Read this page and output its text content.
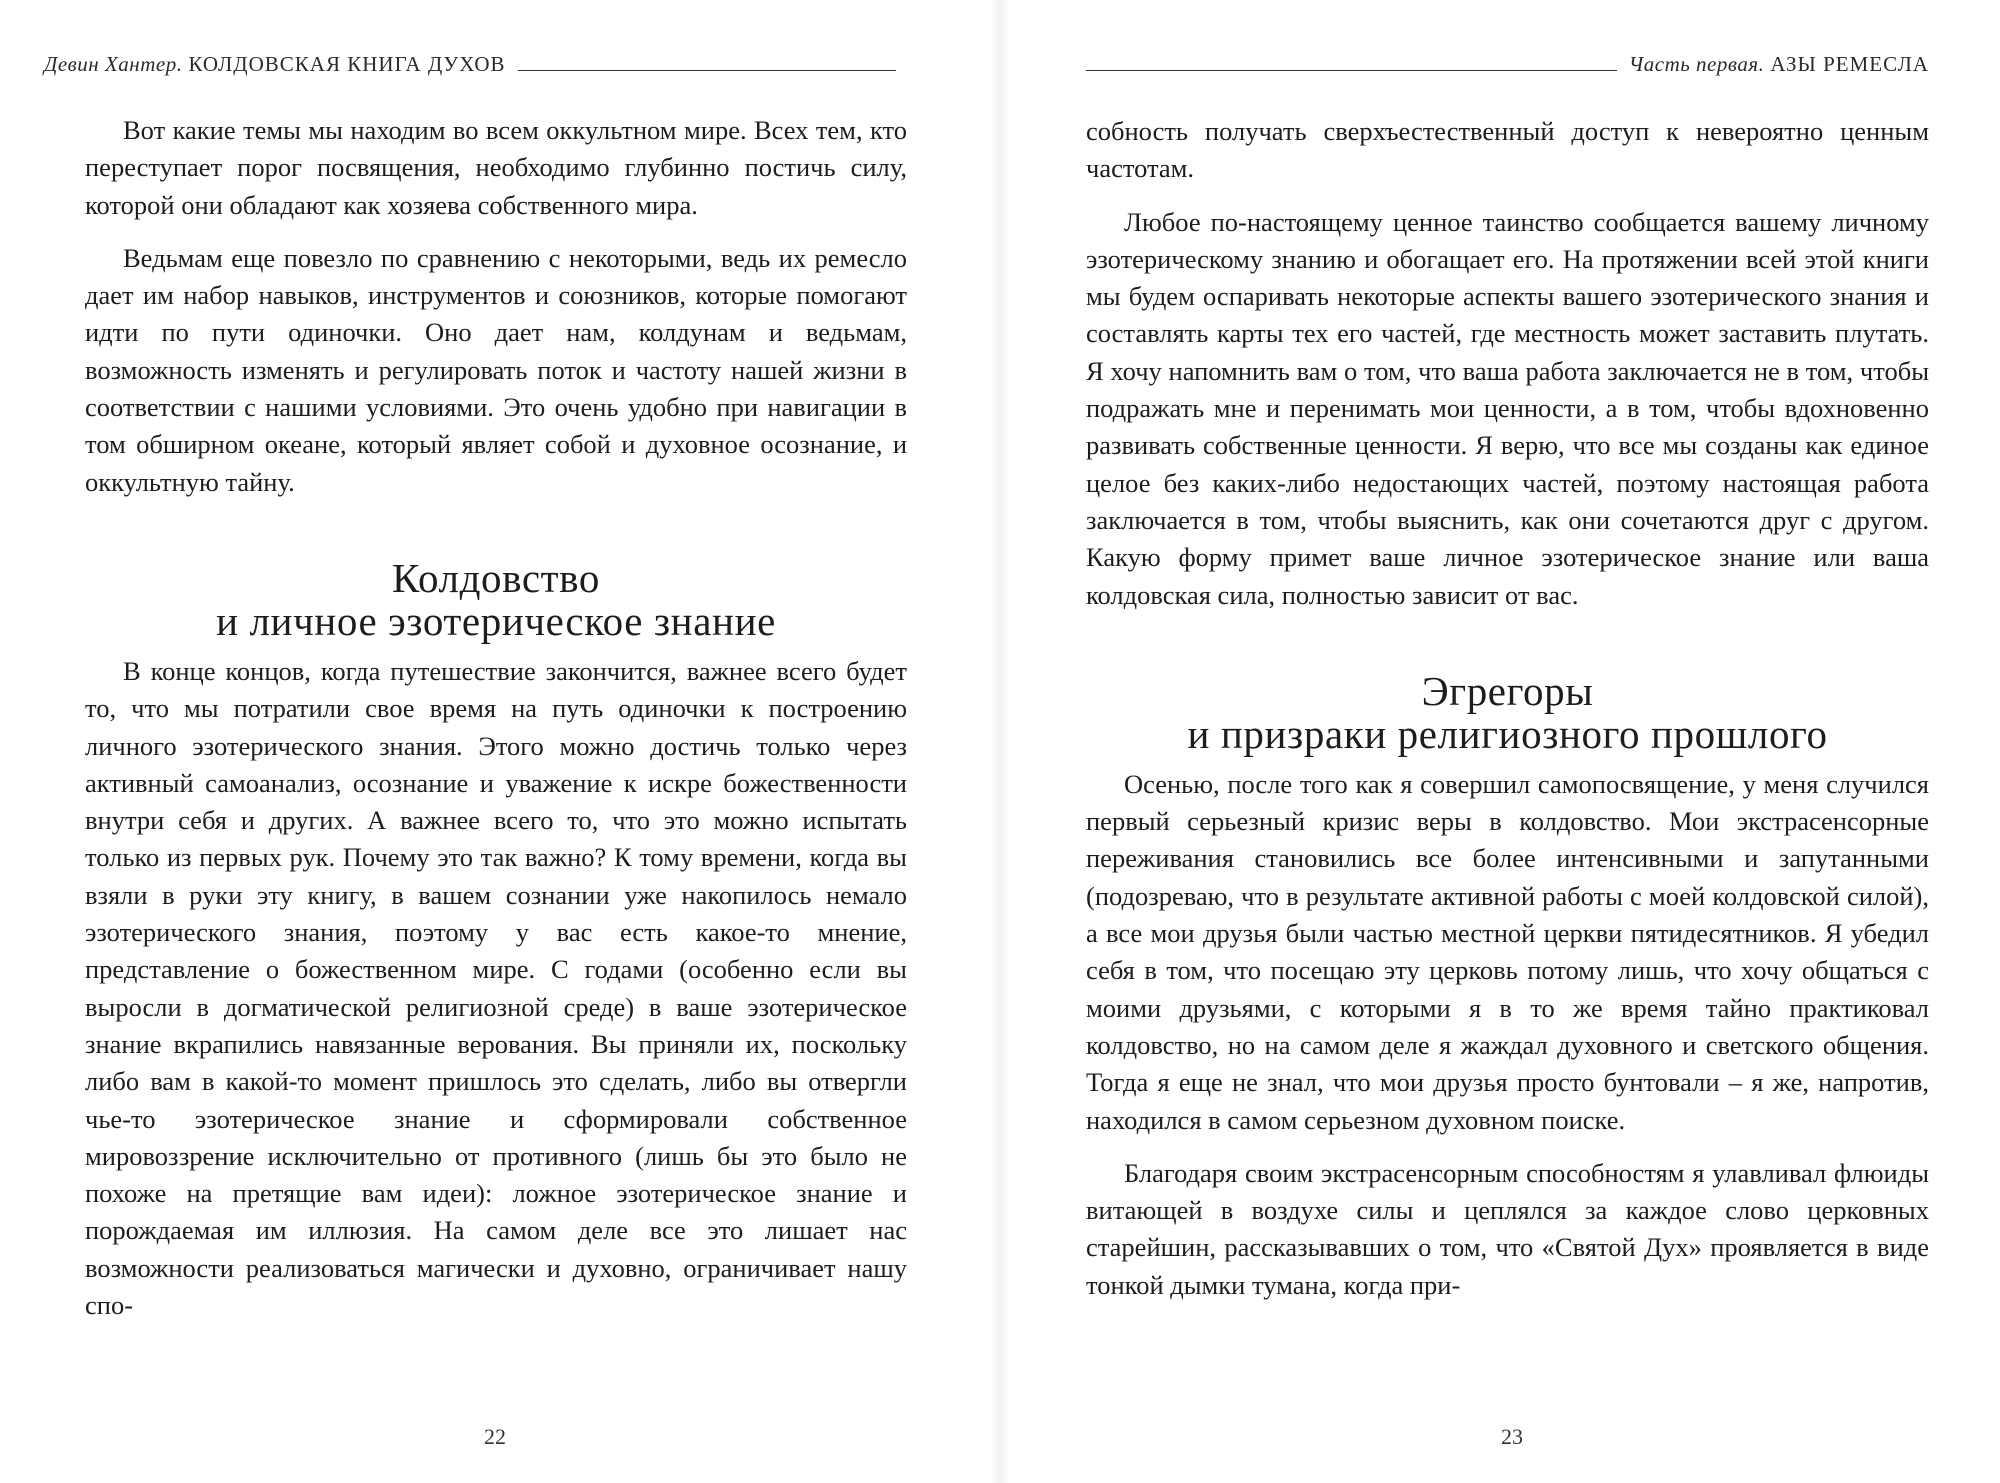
Девин Хантер. КОЛДОВСКАЯ КНИГА ДУХОВ

Вот какие темы мы находим во всем оккультном мире. Всех тем, кто переступает порог посвящения, необходимо глубинно постичь силу, которой они обладают как хозяева собственного мира.

Ведьмам еще повезло по сравнению с некоторыми, ведь их ремесло дает им набор навыков, инструментов и союзников, которые помогают идти по пути одиночки. Оно дает нам, колдунам и ведьмам, возможность изменять и регулировать поток и частоту нашей жизни в соответствии с нашими условиями. Это очень удобно при навигации в том обширном океане, который являет собой и духовное осознание, и оккультную тайну.

Колдовство
и личное эзотерическое знание

В конце концов, когда путешествие закончится, важнее всего будет то, что мы потратили свое время на путь одиночки к построению личного эзотерического знания. Этого можно достичь только через активный самоанализ, осознание и уважение к искре божественности внутри себя и других. А важнее всего то, что это можно испытать только из первых рук. Почему это так важно? К тому времени, когда вы взяли в руки эту книгу, в вашем сознании уже накопилось немало эзотерического знания, поэтому у вас есть какое-то мнение, представление о божественном мире. С годами (особенно если вы выросли в догматической религиозной среде) в ваше эзотерическое знание вкрапились навязанные верования. Вы приняли их, поскольку либо вам в какой-то момент пришлось это сделать, либо вы отвергли чье-то эзотерическое знание и сформировали собственное мировоззрение исключительно от противного (лишь бы это было не похоже на претящие вам идеи): ложное эзотерическое знание и порождаемая им иллюзия. На самом деле все это лишает нас возможности реализоваться магически и духовно, ограничивает нашу спо-

22
Часть первая. АЗЫ РЕМЕСЛА

собность получать сверхъестественный доступ к невероятно ценным частотам.

Любое по-настоящему ценное таинство сообщается вашему личному эзотерическому знанию и обогащает его. На протяжении всей этой книги мы будем оспаривать некоторые аспекты вашего эзотерического знания и составлять карты тех его частей, где местность может заставить плутать. Я хочу напомнить вам о том, что ваша работа заключается не в том, чтобы подражать мне и перенимать мои ценности, а в том, чтобы вдохновенно развивать собственные ценности. Я верю, что все мы созданы как единое целое без каких-либо недостающих частей, поэтому настоящая работа заключается в том, чтобы выяснить, как они сочетаются друг с другом. Какую форму примет ваше личное эзотерическое знание или ваша колдовская сила, полностью зависит от вас.

Эгрегоры
и призраки религиозного прошлого

Осенью, после того как я совершил самопосвящение, у меня случился первый серьезный кризис веры в колдовство. Мои экстрасенсорные переживания становились все более интенсивными и запутанными (подозреваю, что в результате активной работы с моей колдовской силой), а все мои друзья были частью местной церкви пятидесятников. Я убедил себя в том, что посещаю эту церковь потому лишь, что хочу общаться с моими друзьями, с которыми я в то же время тайно практиковал колдовство, но на самом деле я жаждал духовного и светского общения. Тогда я еще не знал, что мои друзья просто бунтовали – я же, напротив, находился в самом серьезном духовном поиске.

Благодаря своим экстрасенсорным способностям я улавливал флюиды витающей в воздухе силы и цеплялся за каждое слово церковных старейшин, рассказывавших о том, что «Святой Дух» проявляется в виде тонкой дымки тумана, когда при-

23
